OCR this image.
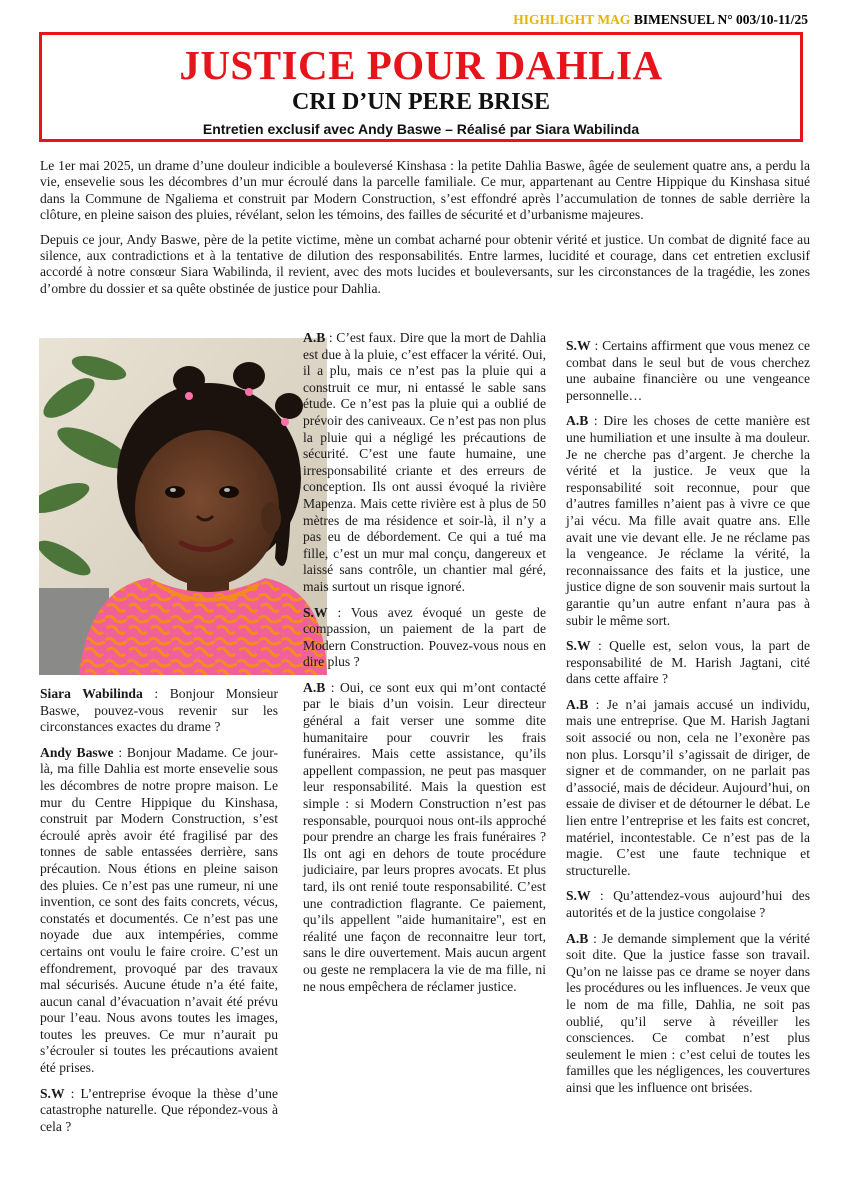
HIGHLIGHT MAG BIMENSUEL N° 003/10-11/25
JUSTICE POUR DAHLIA
CRI D’UN PERE BRISE
Entretien exclusif avec Andy Baswe – Réalisé par Siara Wabilinda

Le 1er mai 2025, un drame d’une douleur indicible a bouleversé Kinshasa : la petite Dahlia Baswe, âgée de seulement quatre ans, a perdu la vie, ensevelie sous les décombres d’un mur écroulé dans la parcelle familiale. Ce mur, appartenant au Centre Hippique du Kinshasa situé dans la Commune de Ngaliema et construit par Modern Construction, s’est effondré après l’accumulation de tonnes de sable derrière la clôture, en pleine saison des pluies, révélant, selon les témoins, des failles de sécurité et d’urbanisme majeures.

Depuis ce jour, Andy Baswe, père de la petite victime, mène un combat acharné pour obtenir vérité et justice. Un combat de dignité face au silence, aux contradictions et à la tentative de dilution des responsabilités. Entre larmes, lucidité et courage, dans cet entretien exclusif accordé à notre consœur Siara Wabilinda, il revient, avec des mots lucides et bouleversants, sur les circonstances de la tragédie, les zones d’ombre du dossier et sa quête obstinée de justice pour Dahlia.

Siara Wabilinda : Bonjour Monsieur Baswe, pouvez-vous revenir sur les circonstances exactes du drame ?

Andy Baswe : Bonjour Madame. Ce jour-là, ma fille Dahlia est morte ensevelie sous les décombres de notre propre maison. Le mur du Centre Hippique du Kinshasa, construit par Modern Construction, s’est écroulé après avoir été fragilisé par des tonnes de sable entassées derrière, sans précaution. Nous étions en pleine saison des pluies. Ce n’est pas une rumeur, ni une invention, ce sont des faits concrets, vécus, constatés et documentés. Ce n’est pas une noyade due aux intempéries, comme certains ont voulu le faire croire. C’est un effondrement, provoqué par des travaux mal sécurisés. Aucune étude n’a été faite, aucun canal d’évacuation n’avait été prévu pour l’eau. Nous avons toutes les images, toutes les preuves. Ce mur n’aurait pu s’écrouler si toutes les précautions avaient été prises.

S.W : L’entreprise évoque la thèse d’une catastrophe naturelle. Que répondez-vous à cela ?

A.B : C’est faux. Dire que la mort de Dahlia est due à la pluie, c’est effacer la vérité. Oui, il a plu, mais ce n’est pas la pluie qui a construit ce mur, ni entassé le sable sans étude. Ce n’est pas la pluie qui a oublié de prévoir des caniveaux. Ce n’est pas non plus la pluie qui a négligé les précautions de sécurité. C’est une faute humaine, une irresponsabilité criante et des erreurs de conception. Ils ont aussi évoqué la rivière Mapenza. Mais cette rivière est à plus de 50 mètres de ma résidence et soir-là, il n’y a pas eu de débordement. Ce qui a tué ma fille, c’est un mur mal conçu, dangereux et laissé sans contrôle, un chantier mal géré, mais surtout un risque ignoré.

S.W : Vous avez évoqué un geste de compassion, un paiement de la part de Modern Construction. Pouvez-vous nous en dire plus ?

A.B : Oui, ce sont eux qui m’ont contacté par le biais d’un voisin. Leur directeur général a fait verser une somme dite humanitaire pour couvrir les frais funéraires. Mais cette assistance, qu’ils appellent compassion, ne peut pas masquer leur responsabilité. Mais la question est simple : si Modern Construction n’est pas responsable, pourquoi nous ont-ils approché pour prendre an charge les frais funéraires ? Ils ont agi en dehors de toute procédure judiciaire, par leurs propres avocats. Et plus tard, ils ont renié toute responsabilité. C’est une contradiction flagrante. Ce paiement, qu’ils appellent "aide humanitaire", est en réalité une façon de reconnaitre leur tort, sans le dire ouvertement. Mais aucun argent ou geste ne remplacera la vie de ma fille, ni ne nous empêchera de réclamer justice.

S.W : Certains affirment que vous menez ce combat dans le seul but de vous cherchez une aubaine financière ou une vengeance personnelle…

A.B : Dire les choses de cette manière est une humiliation et une insulte à ma douleur. Je ne cherche pas d’argent. Je cherche la vérité et la justice. Je veux que la responsabilité soit reconnue, pour que d’autres familles n’aient pas à vivre ce que j’ai vécu. Ma fille avait quatre ans. Elle avait une vie devant elle. Je ne réclame pas la vengeance. Je réclame la vérité, la reconnaissance des faits et la justice, une justice digne de son souvenir mais surtout la garantie qu’un autre enfant n’aura pas à subir le même sort.

S.W : Quelle est, selon vous, la part de responsabilité de M. Harish Jagtani, cité dans cette affaire ?

A.B : Je n’ai jamais accusé un individu, mais une entreprise. Que M. Harish Jagtani soit associé ou non, cela ne l’exonère pas non plus. Lorsqu’il s’agissait de diriger, de signer et de commander, on ne parlait pas d’associé, mais de décideur. Aujourd’hui, on essaie de diviser et de détourner le débat. Le lien entre l’entreprise et les faits est concret, matériel, incontestable. Ce n’est pas de la magie. C’est une faute technique et structurelle.

S.W : Qu’attendez-vous aujourd’hui des autorités et de la justice congolaise ?

A.B : Je demande simplement que la vérité soit dite. Que la justice fasse son travail. Qu’on ne laisse pas ce drame se noyer dans les procédures ou les influences. Je veux que le nom de ma fille, Dahlia, ne soit pas oublié, qu’il serve à réveiller les consciences. Ce combat n’est plus seulement le mien : c’est celui de toutes les familles que les négligences, les couvertures ainsi que les influence ont brisées.
